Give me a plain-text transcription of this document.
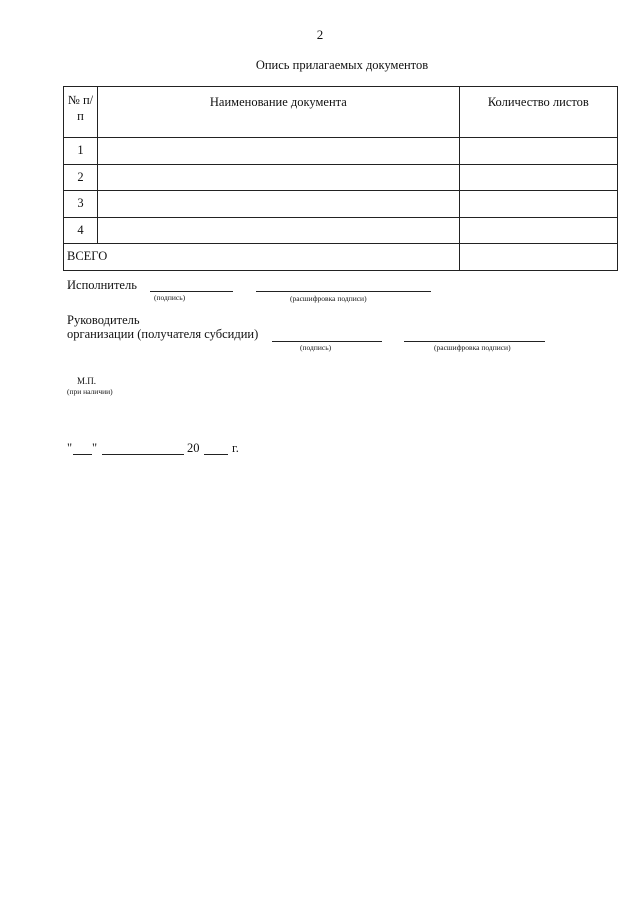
2
Опись прилагаемых документов
№ п/п	Наименование документа	Количество листов
1		
2		
3		
4		
ВСЕГО		
Исполнитель
(подпись)	(расшифровка подписи)
Руководитель
организации (получателя субсидии)
(подпись)	(расшифровка подписи)
М.П.
(при наличии)
" "	20	г.
